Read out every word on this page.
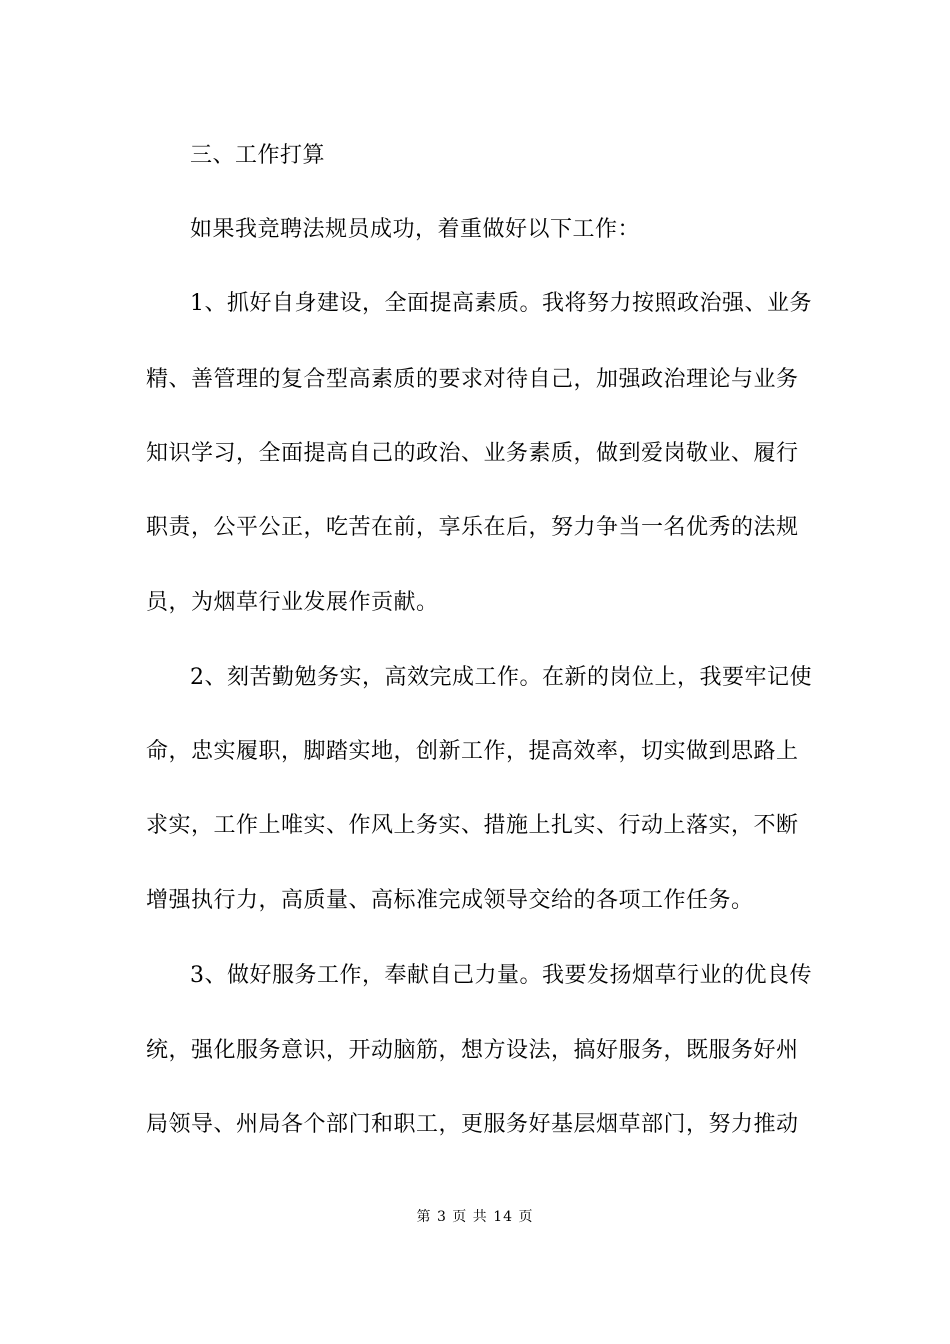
三、工作打算
如果我竞聘法规员成功，着重做好以下工作：
1、抓好自身建设，全面提高素质。我将努力按照政治强、业务
精、善管理的复合型高素质的要求对待自己，加强政治理论与业务
知识学习，全面提高自己的政治、业务素质，做到爱岗敬业、履行
职责，公平公正，吃苦在前，享乐在后，努力争当一名优秀的法规
员，为烟草行业发展作贡献。
2、刻苦勤勉务实，高效完成工作。在新的岗位上，我要牢记使
命，忠实履职，脚踏实地，创新工作，提高效率，切实做到思路上
求实，工作上唯实、作风上务实、措施上扎实、行动上落实，不断
增强执行力，高质量、高标准完成领导交给的各项工作任务。
3、做好服务工作，奉献自己力量。我要发扬烟草行业的优良传
统，强化服务意识，开动脑筋，想方设法，搞好服务，既服务好州
局领导、州局各个部门和职工，更服务好基层烟草部门，努力推动
第 3 页 共 14 页
